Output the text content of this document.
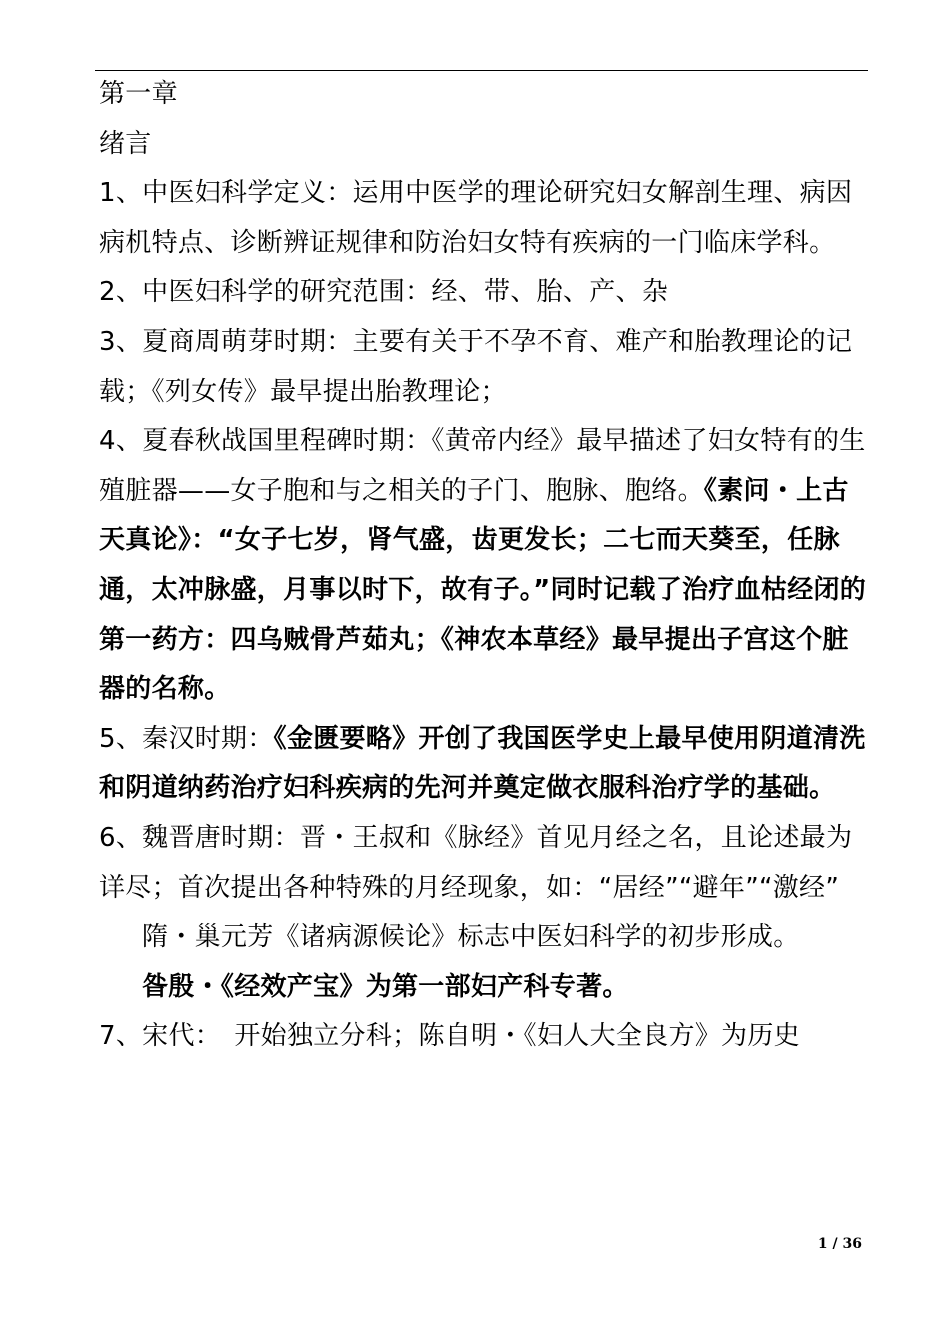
第一章

绪言

1、中医妇科学定义：运用中医学的理论研究妇女解剖生理、病因病机特点、诊断辨证规律和防治妇女特有疾病的一门临床学科。

2、中医妇科学的研究范围：经、带、胎、产、杂

3、夏商周萌芽时期：主要有关于不孕不育、难产和胎教理论的记载；《列女传》最早提出胎教理论；

4、夏春秋战国里程碑时期：《黄帝内经》最早描述了妇女特有的生殖脏器——女子胞和与之相关的子门、胞脉、胞络。《素问・上古天真论》：“女子七岁，肾气盛，齿更发长；二七而天葵至，任脉通，太冲脉盛，月事以时下，故有子。”同时记载了治疗血枯经闭的第一药方：四乌贼骨芦茹丸；《神农本草经》最早提出子宫这个脏器的名称。

5、秦汉时期：《金匮要略》开创了我国医学史上最早使用阴道清洗和阴道纳药治疗妇科疾病的先河并奠定做衣服科治疗学的基础。

6、魏晋唐时期：晋・王叔和《脉经》首见月经之名，且论述最为详尽；首次提出各种特殊的月经现象，如：“居经”“避年”“激经”

隋・巢元芳《诸病源候论》标志中医妇科学的初步形成。

昝殷・《经效产宝》为第一部妇产科专著。

7、宋代：　开始独立分科；陈自明・《妇人大全良方》为历史

1 / 36
